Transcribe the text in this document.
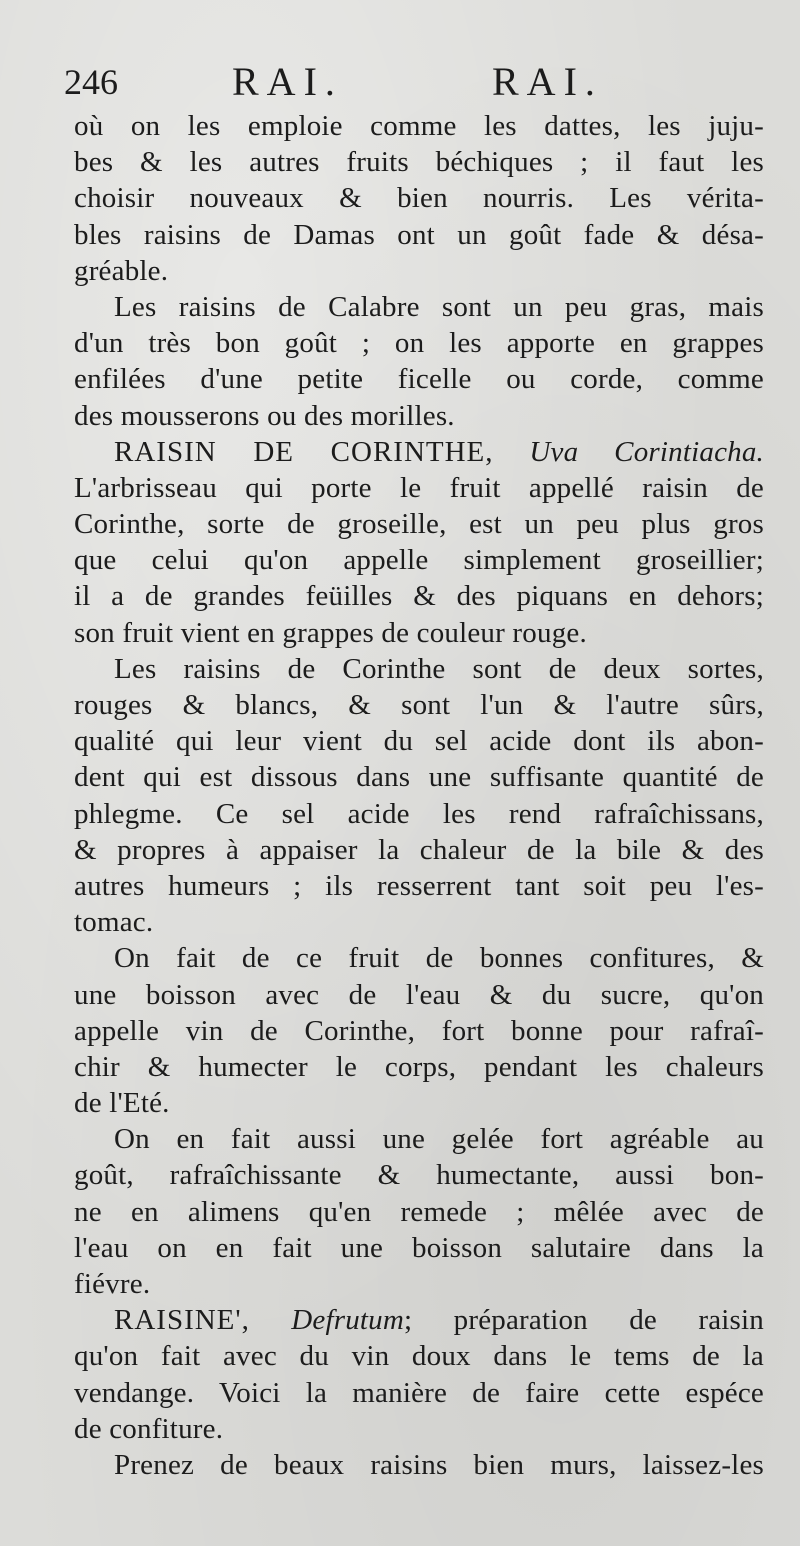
246	RAI.	RAI.
où on les emploie comme les dattes, les juju-
bes & les autres fruits béchiques ; il faut les
choisir nouveaux & bien nourris. Les vérita-
bles raisins de Damas ont un goût fade & désa-
gréable.
Les raisins de Calabre sont un peu gras, mais
d'un très bon goût ; on les apporte en grappes
enfilées d'une petite ficelle ou corde, comme
des mousserons ou des morilles.
RAISIN DE CORINTHE, Uva Corintiacha.
L'arbrisseau qui porte le fruit appellé raisin de
Corinthe, sorte de groseille, est un peu plus gros
que celui qu'on appelle simplement groseillier;
il a de grandes feüilles & des piquans en dehors;
son fruit vient en grappes de couleur rouge.
Les raisins de Corinthe sont de deux sortes,
rouges & blancs, & sont l'un & l'autre sûrs,
qualité qui leur vient du sel acide dont ils abon-
dent qui est dissous dans une suffisante quantité de
phlegme. Ce sel acide les rend rafraîchissans,
& propres à appaiser la chaleur de la bile & des
autres humeurs ; ils resserrent tant soit peu l'es-
tomac.
On fait de ce fruit de bonnes confitures, &
une boisson avec de l'eau & du sucre, qu'on
appelle vin de Corinthe, fort bonne pour rafraî-
chir & humecter le corps, pendant les chaleurs
de l'Eté.
On en fait aussi une gelée fort agréable au
goût, rafraîchissante & humectante, aussi bon-
ne en alimens qu'en remede ; mêlée avec de
l'eau on en fait une boisson salutaire dans la
fiévre.
RAISINE', Defrutum; préparation de raisin
qu'on fait avec du vin doux dans le tems de la
vendange. Voici la manière de faire cette espéce
de confiture.
Prenez de beaux raisins bien murs, laissez-les
